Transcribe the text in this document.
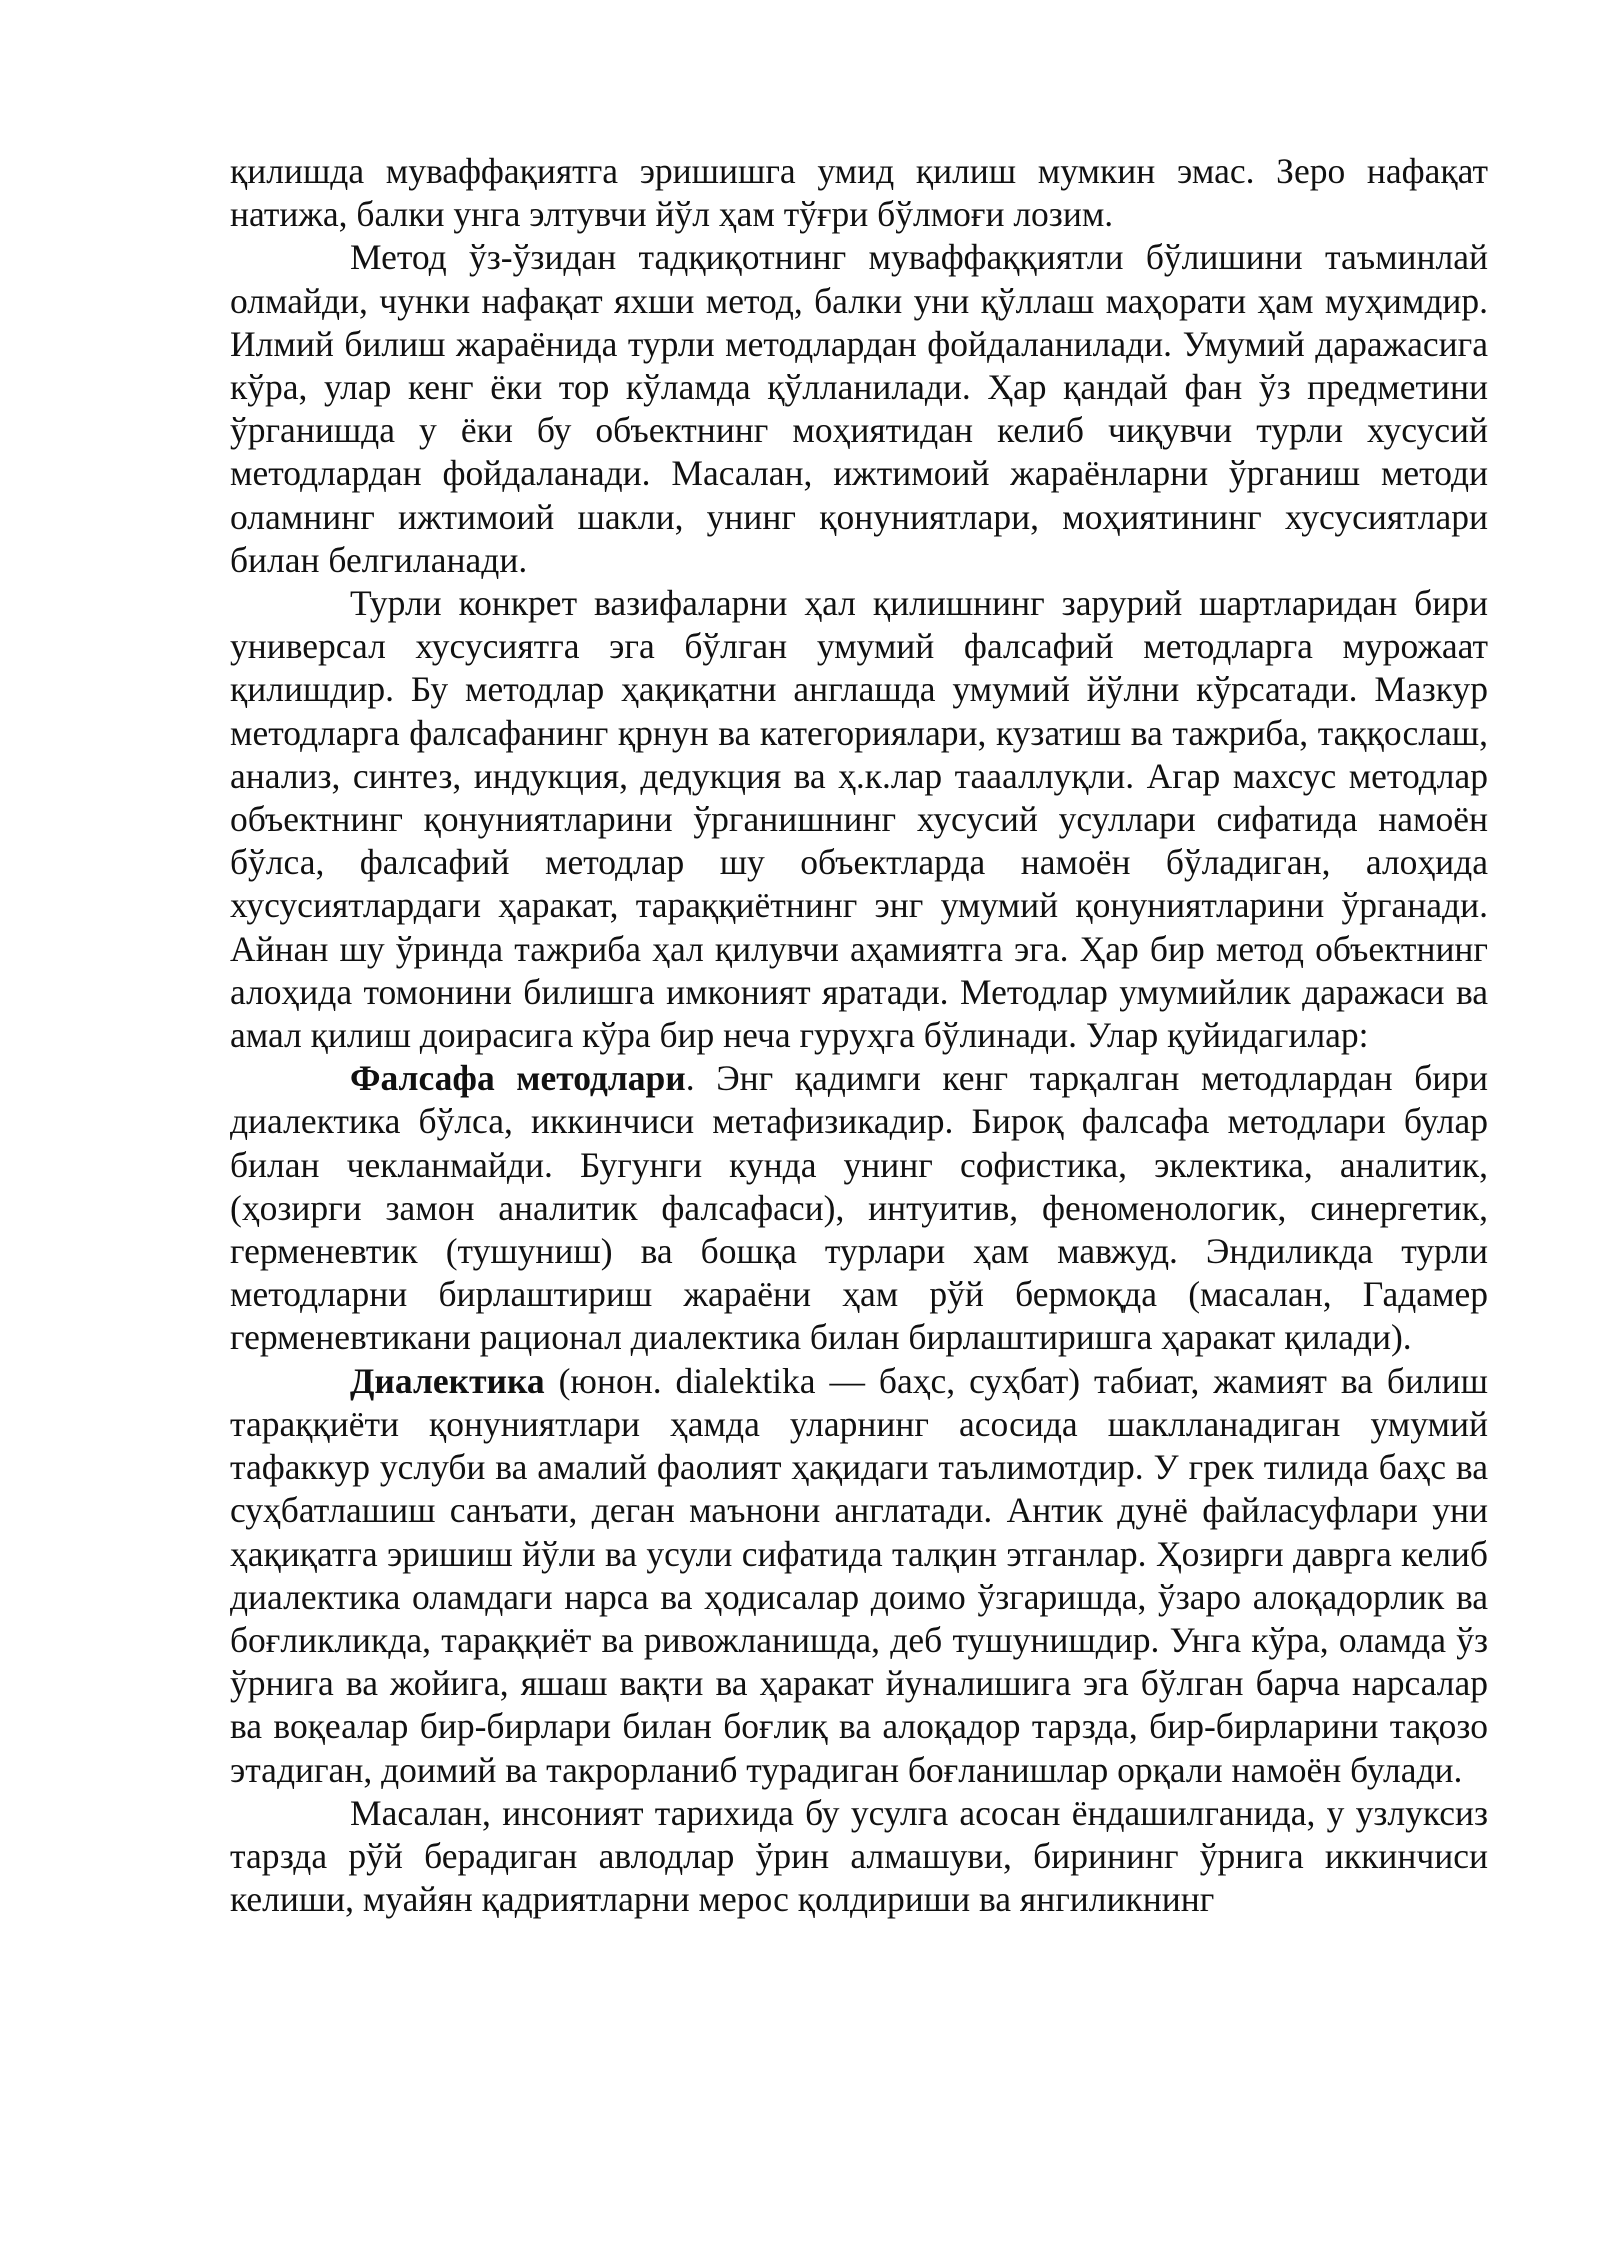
қилишда муваффақиятга эришишга умид қилиш мумкин эмас. Зеро нафақат натижа, балки унга элтувчи йўл ҳам тўғри бўлмоғи лозим.

Метод ўз-ўзидан тадқиқотнинг муваффаққиятли бўлишини таъминлай олмайди, чунки нафақат яхши метод, балки уни қўллаш маҳорати ҳам муҳимдир. Илмий билиш жараёнида турли методлардан фойдаланилади. Умумий даражасига кўра, улар кенг ёки тор кўламда қўлланилади. Ҳар қандай фан ўз предметини ўрганишда у ёки бу объектнинг моҳиятидан келиб чиқувчи турли хусусий методлардан фойдаланади. Масалан, ижтимоий жараёнларни ўрганиш методи оламнинг ижтимоий шакли, унинг қонуниятлари, моҳиятининг хусусиятлари билан белгиланади.

Турли конкрет вазифаларни ҳал қилишнинг зарурий шартларидан бири универсал хусусиятга эга бўлган умумий фалсафий методларга мурожаат қилишдир. Бу методлар ҳақиқатни англашда умумий йўлни кўрсатади. Мазкур методларга фалсафанинг қрнун ва категориялари, кузатиш ва тажриба, таққослаш, анализ, синтез, индукция, дедукция ва ҳ.к.лар таааллуқли. Агар махсус методлар объектнинг қонуниятларини ўрганишнинг хусусий усуллари сифатида намоён бўлса, фалсафий методлар шу объектларда намоён бўладиган, алоҳида хусусиятлардаги ҳаракат, тараққиётнинг энг умумий қонуниятларини ўрганади. Айнан шу ўринда тажриба ҳал қилувчи аҳамиятга эга. Ҳар бир метод объектнинг алоҳида томонини билишга имконият яратади. Методлар умумийлик даражаси ва амал қилиш доирасига кўра бир неча гуруҳга бўлинади. Улар қуйидагилар:

Фалсафа методлари. Энг қадимги кенг тарқалган методлардан бири диалектика бўлса, иккинчиси метафизикадир. Бироқ фалсафа методлари булар билан чекланмайди. Бугунги кунда унинг софистика, эклектика, аналитик, (ҳозирги замон аналитик фалсафаси), интуитив, феноменологик, синергетик, герменевтик (тушуниш) ва бошқа турлари ҳам мавжуд. Эндиликда турли методларни бирлаштириш жараёни ҳам рўй бермоқда (масалан, Гадамер герменевтикани рационал диалектика билан бирлаштиришга ҳаракат қилади).

Диалектика (юнон. dialektika — баҳс, суҳбат) табиат, жамият ва билиш тараққиёти қонуниятлари ҳамда уларнинг асосида шаклланадиган умумий тафаккур услуби ва амалий фаолият ҳақидаги таълимотдир. У грек тилида баҳс ва суҳбатлашиш санъати, деган маънони англатади. Антик дунё файласуфлари уни ҳақиқатга эришиш йўли ва усули сифатида талқин этганлар. Ҳозирги даврга келиб диалектика оламдаги нарса ва ҳодисалар доимо ўзгаришда, ўзаро алоқадорлик ва боғликликда, тараққиёт ва ривожланишда, деб тушунишдир. Унга кўра, оламда ўз ўрнига ва жойига, яшаш вақти ва ҳаракат йуналишига эга бўлган барча нарсалар ва воқеалар бир-бирлари билан боғлиқ ва алоқадор тарзда, бир-бирларини тақозо этадиган, доимий ва такрорланиб турадиган боғланишлар орқали намоён булади.

Масалан, инсоният тарихида бу усулга асосан ёндашилганида, у узлуксиз тарзда рўй берадиган авлодлар ўрин алмашуви, бирининг ўрнига иккинчиси келиши, муайян қадриятларни мерос қолдириши ва янгиликнинг
